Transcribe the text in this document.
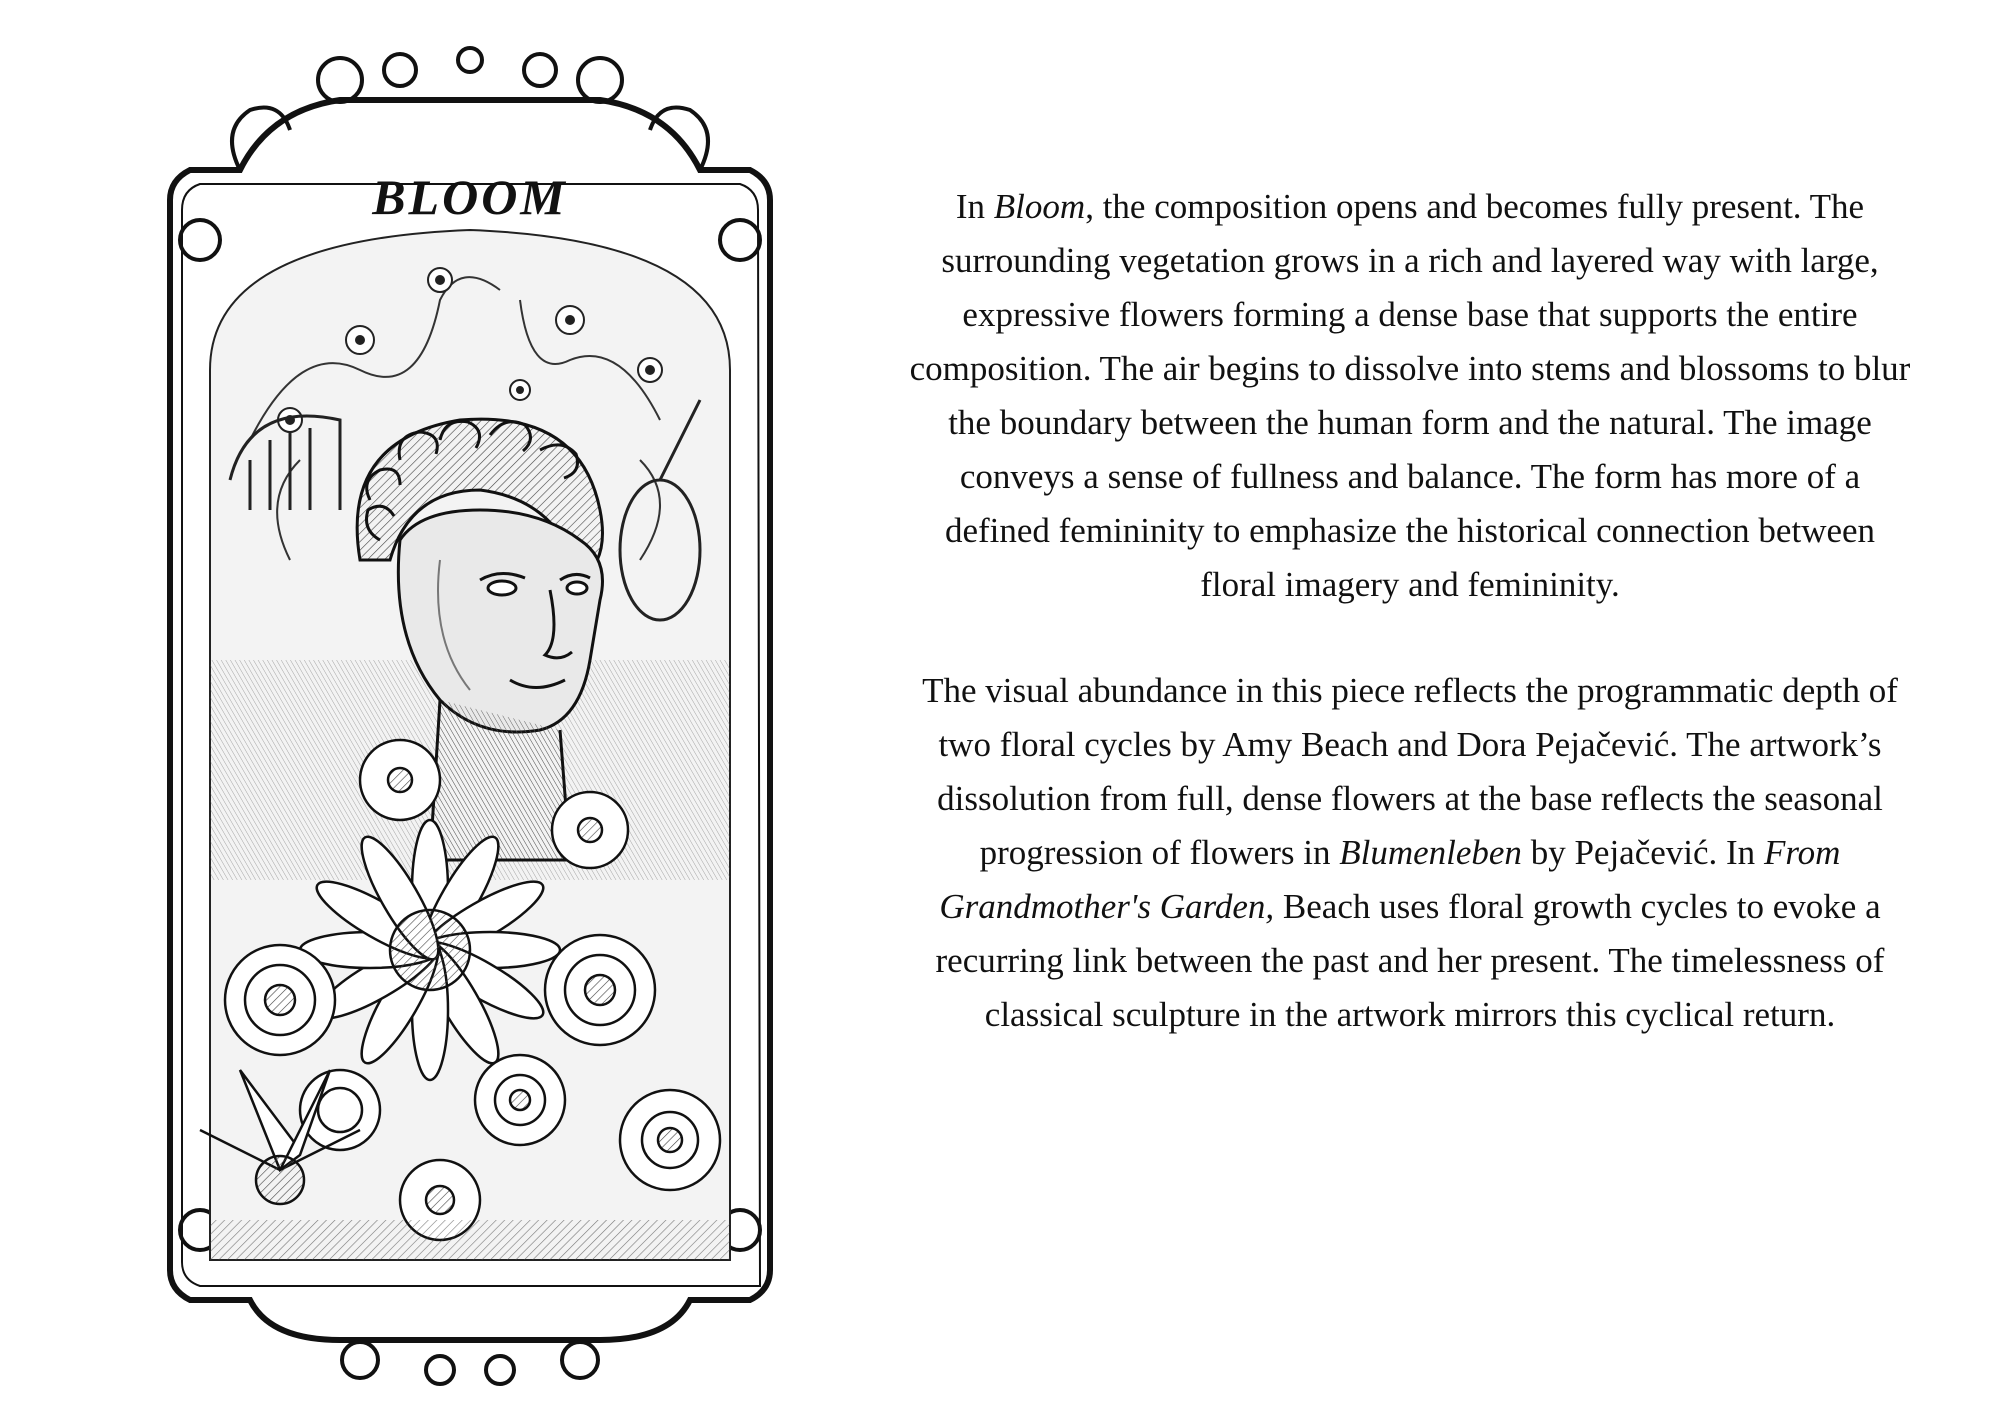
BLOOM	In Bloom, the composition opens and becomes fully present. The surrounding vegetation grows in a rich and layered way with large, expressive flowers forming a dense base that supports the entire composition. The air begins to dissolve into stems and blossoms to blur the boundary between the human form and the natural. The image conveys a sense of fullness and balance. The form has more of a defined femininity to emphasize the historical connection between floral imagery and femininity.

The visual abundance in this piece reflects the programmatic depth of two floral cycles by Amy Beach and Dora Pejačević. The artwork’s dissolution from full, dense flowers at the base reflects the seasonal progression of flowers in Blumenleben by Pejačević. In From Grandmother's Garden, Beach uses floral growth cycles to evoke a recurring link between the past and her present. The timelessness of classical sculpture in the artwork mirrors this cyclical return.
